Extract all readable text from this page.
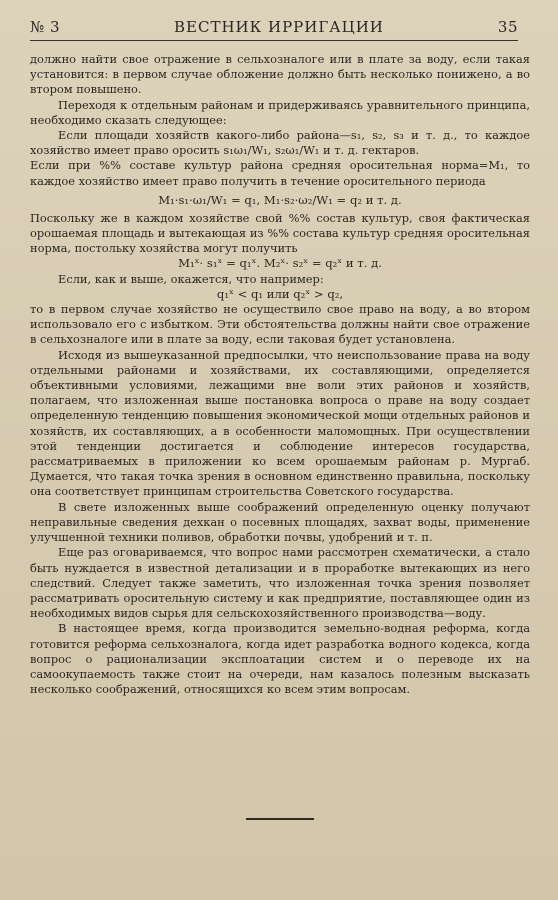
№ 3	ВЕСТНИК ИРРИГАЦИИ	35

должно найти свое отражение в сельхозналоге или в плате за воду, если такая установится: в первом случае обложение должно быть несколько понижено, а во втором повышено.

Переходя к отдельным районам и придерживаясь уравнительного принципа, необходимо сказать следующее:

Если площади хозяйств какого-либо района—s₁, s₂, s₃ и т. д., то каждое хозяйство имеет право оросить s₁ω₁/W₁, s₂ω₁/W₁ и т. д. гектаров.

Если при %% составе культур района средняя оросительная норма=M₁, то каждое хозяйство имеет право получить в течение оросительного периода

M₁·s₁·ω₁/W₁ = q₁, M₁·s₂·ω₂/W₁ = q₂ и т. д.

Поскольку же в каждом хозяйстве свой %% состав культур, своя фактическая орошаемая площадь и вытекающая из %% состава культур средняя оросительная норма, постольку хозяйства могут получить

M₁ˣ· s₁ˣ = q₁ˣ. M₂ˣ· s₂ˣ = q₂ˣ и т. д.

Если, как и выше, окажется, что например:

q₁ˣ < q₁ или q₂ˣ > q₂,

то в первом случае хозяйство не осуществило свое право на воду, а во втором использовало его с избытком. Эти обстоятельства должны найти свое отражение в сельхозналоге или в плате за воду, если таковая будет установлена.

Исходя из вышеуказанной предпосылки, что неиспользование права на воду отдельными районами и хозяйствами, их составляющими, определяется объективными условиями, лежащими вне воли этих районов и хозяйств, полагаем, что изложенная выше постановка вопроса о праве на воду создает определенную тенденцию повышения экономической мощи отдельных районов и хозяйств, их составляющих, а в особенности маломощных. При осуществлении этой тенденции достигается и соблюдение интересов государства, рассматриваемых в приложении ко всем орошаемым районам р. Мургаб. Думается, что такая точка зрения в основном единственно правильна, поскольку она соответствует принципам строительства Советского государства.

В свете изложенных выше соображений определенную оценку получают неправильные сведения дехкан о посевных площадях, захват воды, применение улучшенной техники поливов, обработки почвы, удобрений и т. п.

Еще раз оговариваемся, что вопрос нами рассмотрен схематически, а стало быть нуждается в известной детализации и в проработке вытекающих из него следствий. Следует также заметить, что изложенная точка зрения позволяет рассматривать оросительную систему и как предприятие, поставляющее один из необходимых видов сырья для сельскохозяйственного производства—воду.

В настоящее время, когда производится земельно-водная реформа, когда готовится реформа сельхозналога, когда идет разработка водного кодекса, когда вопрос о рационализации эксплоатации систем и о переводе их на самоокупаемость также стоит на очереди, нам казалось полезным высказать несколько соображений, относящихся ко всем этим вопросам.
